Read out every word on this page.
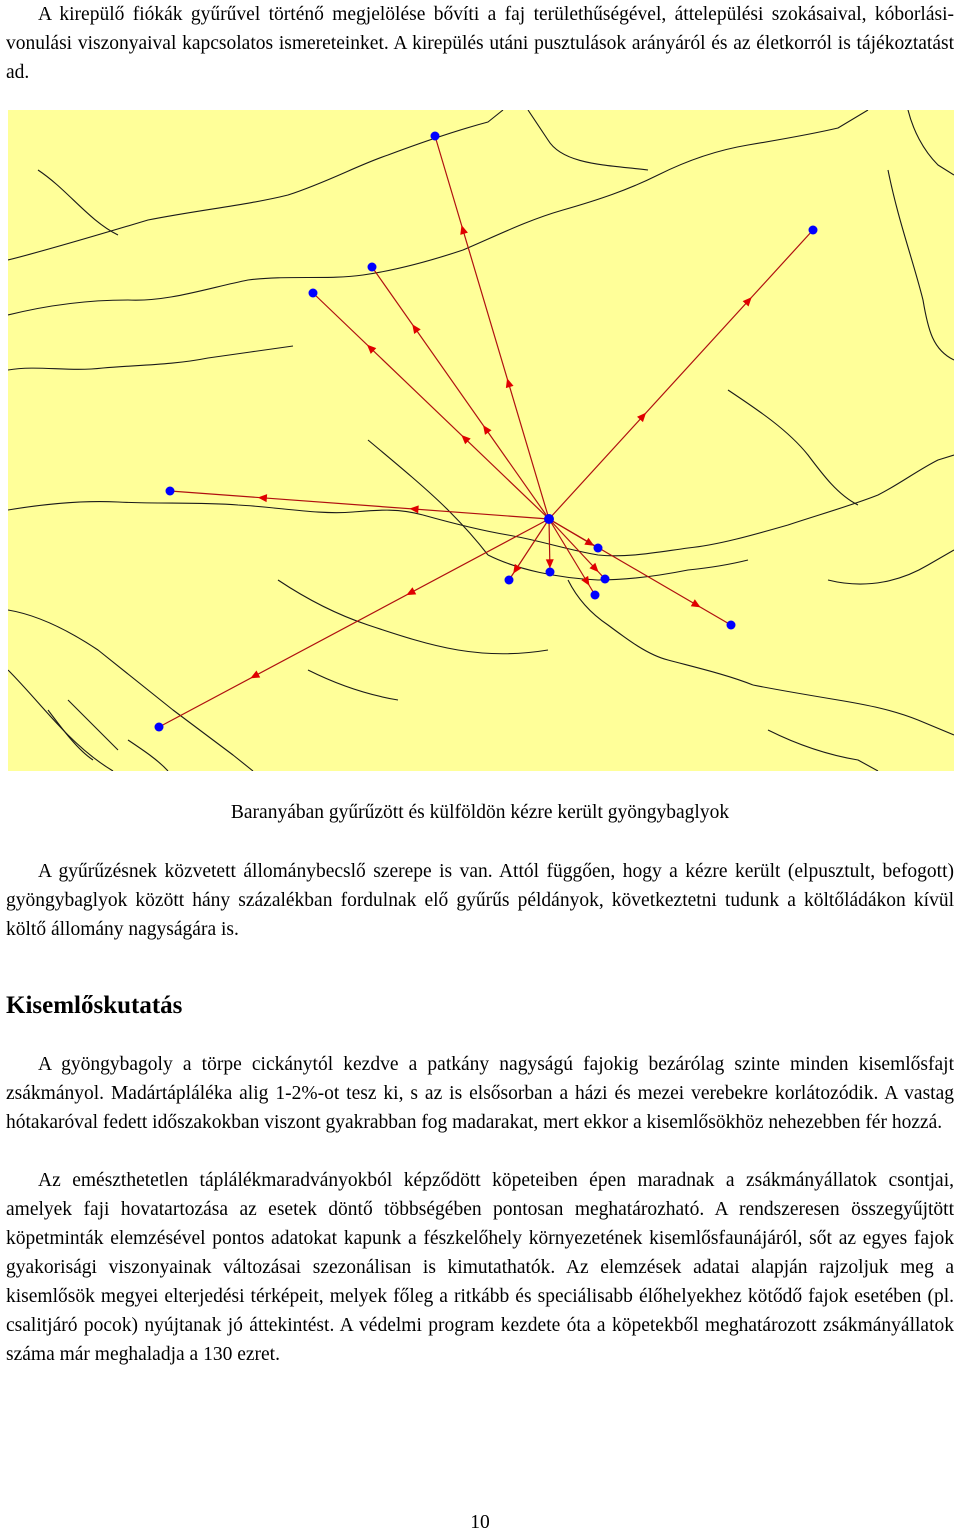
A kirepülő fiókák gyűrűvel történő megjelölése bővíti a faj területhűségével, áttelepülési szokásaival, kóborlási-vonulási viszonyaival kapcsolatos ismereteinket. A kirepülés utáni pusztulások arányáról és az életkorról is tájékoztatást ad.

Baranyában gyűrűzött és külföldön kézre került gyöngybaglyok

A gyűrűzésnek közvetett állománybecslő szerepe is van. Attól függően, hogy a kézre került (elpusztult, befogott) gyöngybaglyok között hány százalékban fordulnak elő gyűrűs példányok, következtetni tudunk a költőládákon kívül költő állomány nagyságára is.

Kisemlőskutatás

A gyöngybagoly a törpe cickánytól kezdve a patkány nagyságú fajokig bezárólag szinte minden kisemlősfajt zsákmányol. Madártápláléka alig 1-2%-ot tesz ki, s az is elsősorban a házi és mezei verebekre korlátozódik. A vastag hótakaróval fedett időszakokban viszont gyakrabban fog madarakat, mert ekkor a kisemlősökhöz nehezebben fér hozzá.

Az emészthetetlen táplálékmaradványokból képződött köpeteiben épen maradnak a zsákmányállatok csontjai, amelyek faji hovatartozása az esetek döntő többségében pontosan meghatározható. A rendszeresen összegyűjtött köpetminták elemzésével pontos adatokat kapunk a fészkelőhely környezetének kisemlősfaunájáról, sőt az egyes fajok gyakorisági viszonyainak változásai szezonálisan is kimutathatók. Az elemzések adatai alapján rajzoljuk meg a kisemlősök megyei elterjedési térképeit, melyek főleg a ritkább és speciálisabb élőhelyekhez kötődő fajok esetében (pl. csalitjáró pocok) nyújtanak jó áttekintést. A védelmi program kezdete óta a köpetekből meghatározott zsákmányállatok száma már meghaladja a 130 ezret.

10
